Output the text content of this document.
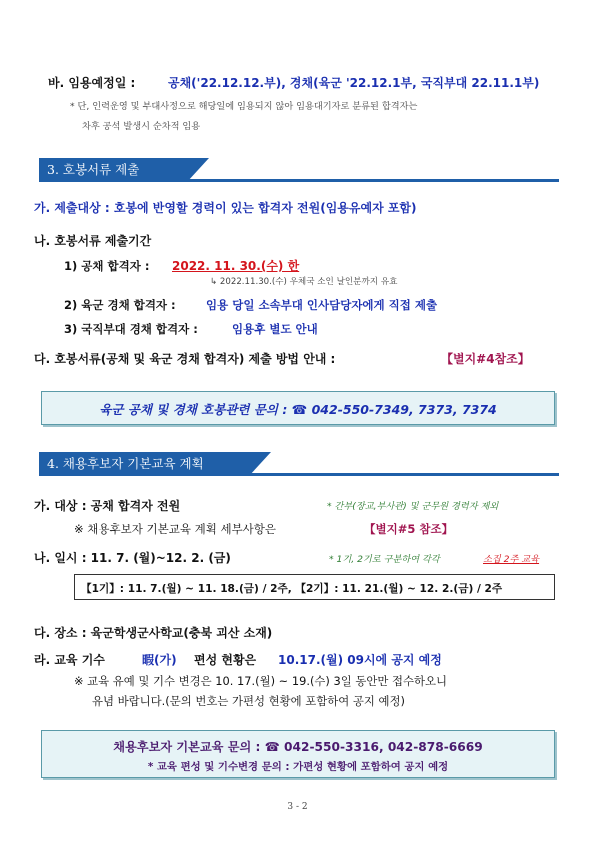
바. 임용예정일 :	공채('22.12.12.부), 경채(육군 '22.12.1부, 국직부대 22.11.1부)
* 단, 인력운영 및 부대사정으로 해당일에 임용되지 않아 임용대기자로 분류된 합격자는
차후 공석 발생시 순차적 임용
3. 호봉서류 제출
가. 제출대상 : 호봉에 반영할 경력이 있는 합격자 전원(임용유예자 포함)
나. 호봉서류 제출기간
1) 공채 합격자 : 2022. 11. 30.(수) 한
↳ 2022.11.30.(수) 우체국 소인 날인분까지 유효
2) 육군 경채 합격자 :	임용 당일 소속부대 인사담당자에게 직접 제출
3) 국직부대 경채 합격자 :	임용후 별도 안내
다. 호봉서류(공채 및 육군 경채 합격자) 제출 방법 안내 :	【별지#4참조】
육군 공채 및 경채 호봉관련 문의 : ☎ 042-550-7349, 7373, 7374
4. 채용후보자 기본교육 계획
가. 대상 : 공채 합격자 전원	* 간부(장교,부사관) 및 군무원 경력자 제외
※ 채용후보자 기본교육 계획 세부사항은	【별지#5 참조】
나. 일시 : 11. 7. (월)~12. 2. (금)	* 1기, 2기로 구분하여 각각	소집 2주 교육
【1기】: 11. 7.(월) ~ 11. 18.(금) / 2주, 【2기】: 11. 21.(월) ~ 12. 2.(금) / 2주
다. 장소 : 육군학생군사학교(충북 괴산 소재)
라. 교육 기수	暇(가) 편성 현황은 10.17.(월) 09시에 공지 예정
※ 교육 유예 및 기수 변경은 10. 17.(월) ~ 19.(수) 3일 동안만 접수하오니
유념 바랍니다.(문의 번호는 가편성 현황에 포함하여 공지 예정)
채용후보자 기본교육 문의 : ☎ 042-550-3316, 042-878-6669
* 교육 편성 및 기수변경 문의 : 가편성 현황에 포함하여 공지 예정
3 - 2
